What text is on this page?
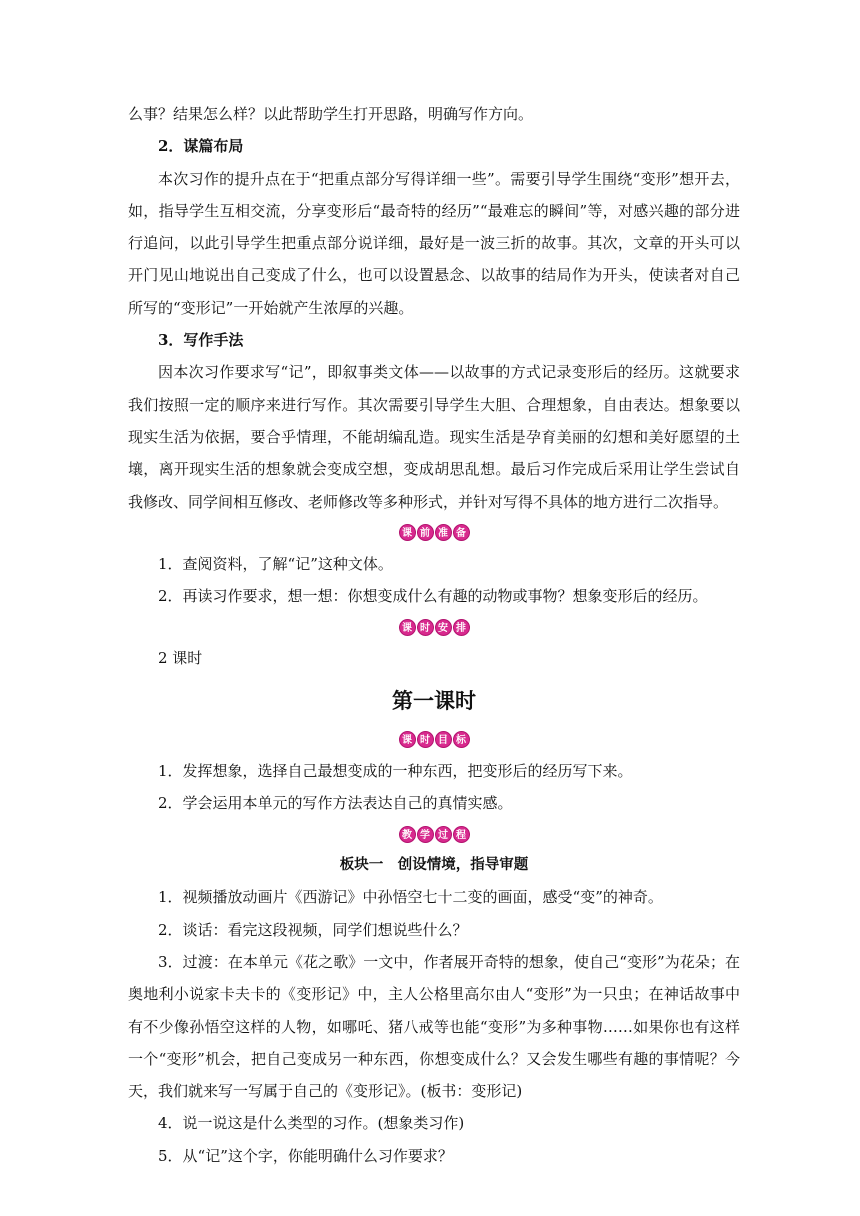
么事？结果怎么样？以此帮助学生打开思路，明确写作方向。
2．谋篇布局
本次习作的提升点在于“把重点部分写得详细一些”。需要引导学生围绕“变形”想开去，如，指导学生互相交流，分享变形后“最奇特的经历”“最难忘的瞬间”等，对感兴趣的部分进行追问，以此引导学生把重点部分说详细，最好是一波三折的故事。其次，文章的开头可以开门见山地说出自己变成了什么，也可以设置悬念、以故事的结局作为开头，使读者对自己所写的“变形记”一开始就产生浓厚的兴趣。
3．写作手法
因本次习作要求写“记”，即叙事类文体——以故事的方式记录变形后的经历。这就要求我们按照一定的顺序来进行写作。其次需要引导学生大胆、合理想象，自由表达。想象要以现实生活为依据，要合乎情理，不能胡编乱造。现实生活是孕育美丽的幻想和美好愿望的土壤，离开现实生活的想象就会变成空想，变成胡思乱想。最后习作完成后采用让学生尝试自我修改、同学间相互修改、老师修改等多种形式，并针对写得不具体的地方进行二次指导。
课 前 准 备
1．查阅资料，了解“记”这种文体。
2．再读习作要求，想一想：你想变成什么有趣的动物或事物？想象变形后的经历。
课 时 安 排
2 课时
第一课时
课 时 目 标
1．发挥想象，选择自己最想变成的一种东西，把变形后的经历写下来。
2．学会运用本单元的写作方法表达自己的真情实感。
教 学 过 程
板块一　创设情境，指导审题
1．视频播放动画片《西游记》中孙悟空七十二变的画面，感受“变”的神奇。
2．谈话：看完这段视频，同学们想说些什么？
3．过渡：在本单元《花之歌》一文中，作者展开奇特的想象，使自己“变形”为花朵；在奥地利小说家卡夫卡的《变形记》中，主人公格里高尔由人“变形”为一只虫；在神话故事中有不少像孙悟空这样的人物，如哪吒、猪八戒等也能“变形”为多种事物……如果你也有这样一个“变形”机会，把自己变成另一种东西，你想变成什么？又会发生哪些有趣的事情呢？今天，我们就来写一写属于自己的《变形记》。(板书：变形记)
4．说一说这是什么类型的习作。(想象类习作)
5．从“记”这个字，你能明确什么习作要求？
